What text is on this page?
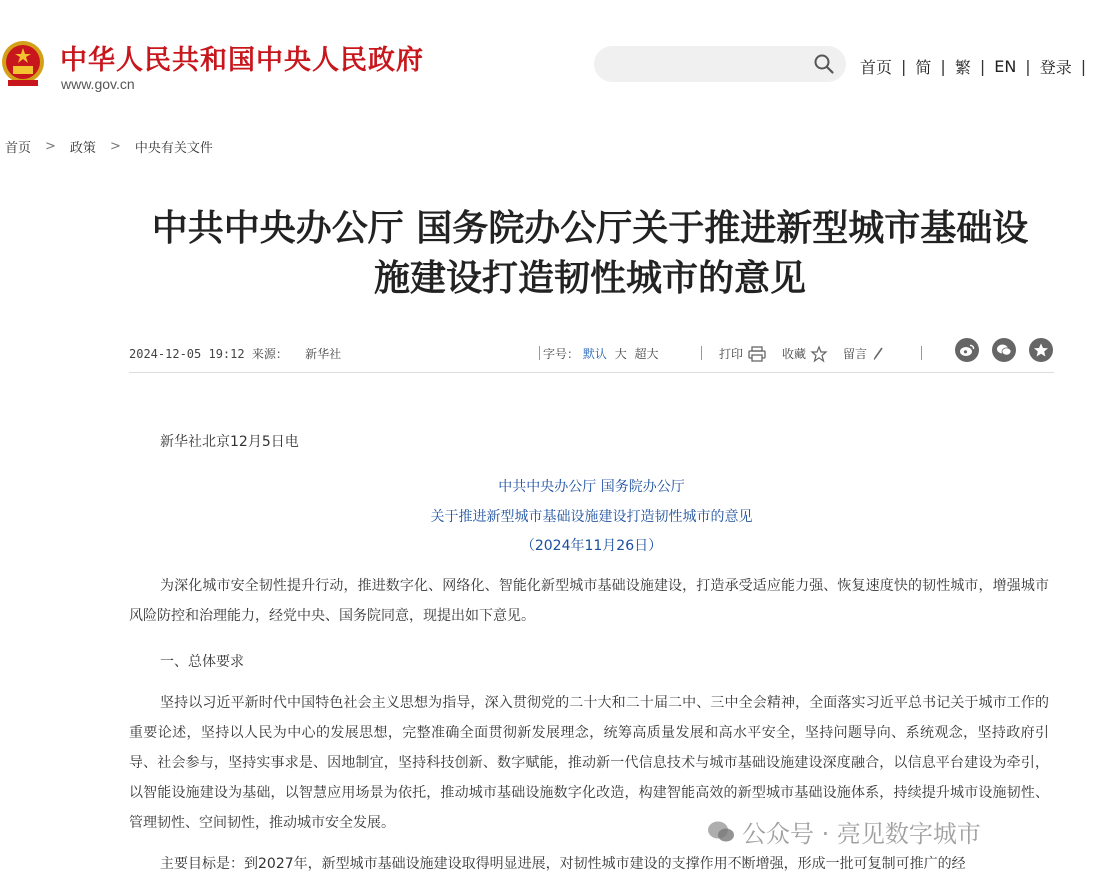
中华人民共和国中央人民政府
www.gov.cn
首页 | 简 | 繁 | EN | 登录 |
首页 > 政策 > 中央有关文件
中共中央办公厅 国务院办公厅关于推进新型城市基础设
施建设打造韧性城市的意见
2024-12-05 19:12 来源： 新华社	字号： 默认 大 超大	打印	收藏	留言
新华社北京12月5日电
中共中央办公厅 国务院办公厅
关于推进新型城市基础设施建设打造韧性城市的意见
（2024年11月26日）
为深化城市安全韧性提升行动，推进数字化、网络化、智能化新型城市基础设施建设，打造承受适应能力强、恢复速度快的韧性城市，增强城市风险防控和治理能力，经党中央、国务院同意，现提出如下意见。
一、总体要求
坚持以习近平新时代中国特色社会主义思想为指导，深入贯彻党的二十大和二十届二中、三中全会精神，全面落实习近平总书记关于城市工作的重要论述，坚持以人民为中心的发展思想，完整准确全面贯彻新发展理念，统筹高质量发展和高水平安全，坚持问题导向、系统观念，坚持政府引导、社会参与，坚持实事求是、因地制宜，坚持科技创新、数字赋能，推动新一代信息技术与城市基础设施建设深度融合，以信息平台建设为牵引，以智能设施建设为基础，以智慧应用场景为依托，推动城市基础设施数字化改造，构建智能高效的新型城市基础设施体系，持续提升城市设施韧性、管理韧性、空间韧性，推动城市安全发展。
主要目标是：到2027年，新型城市基础设施建设取得明显进展，对韧性城市建设的支撑作用不断增强，形成一批可复制可推广的经
公众号 · 亮见数字城市
